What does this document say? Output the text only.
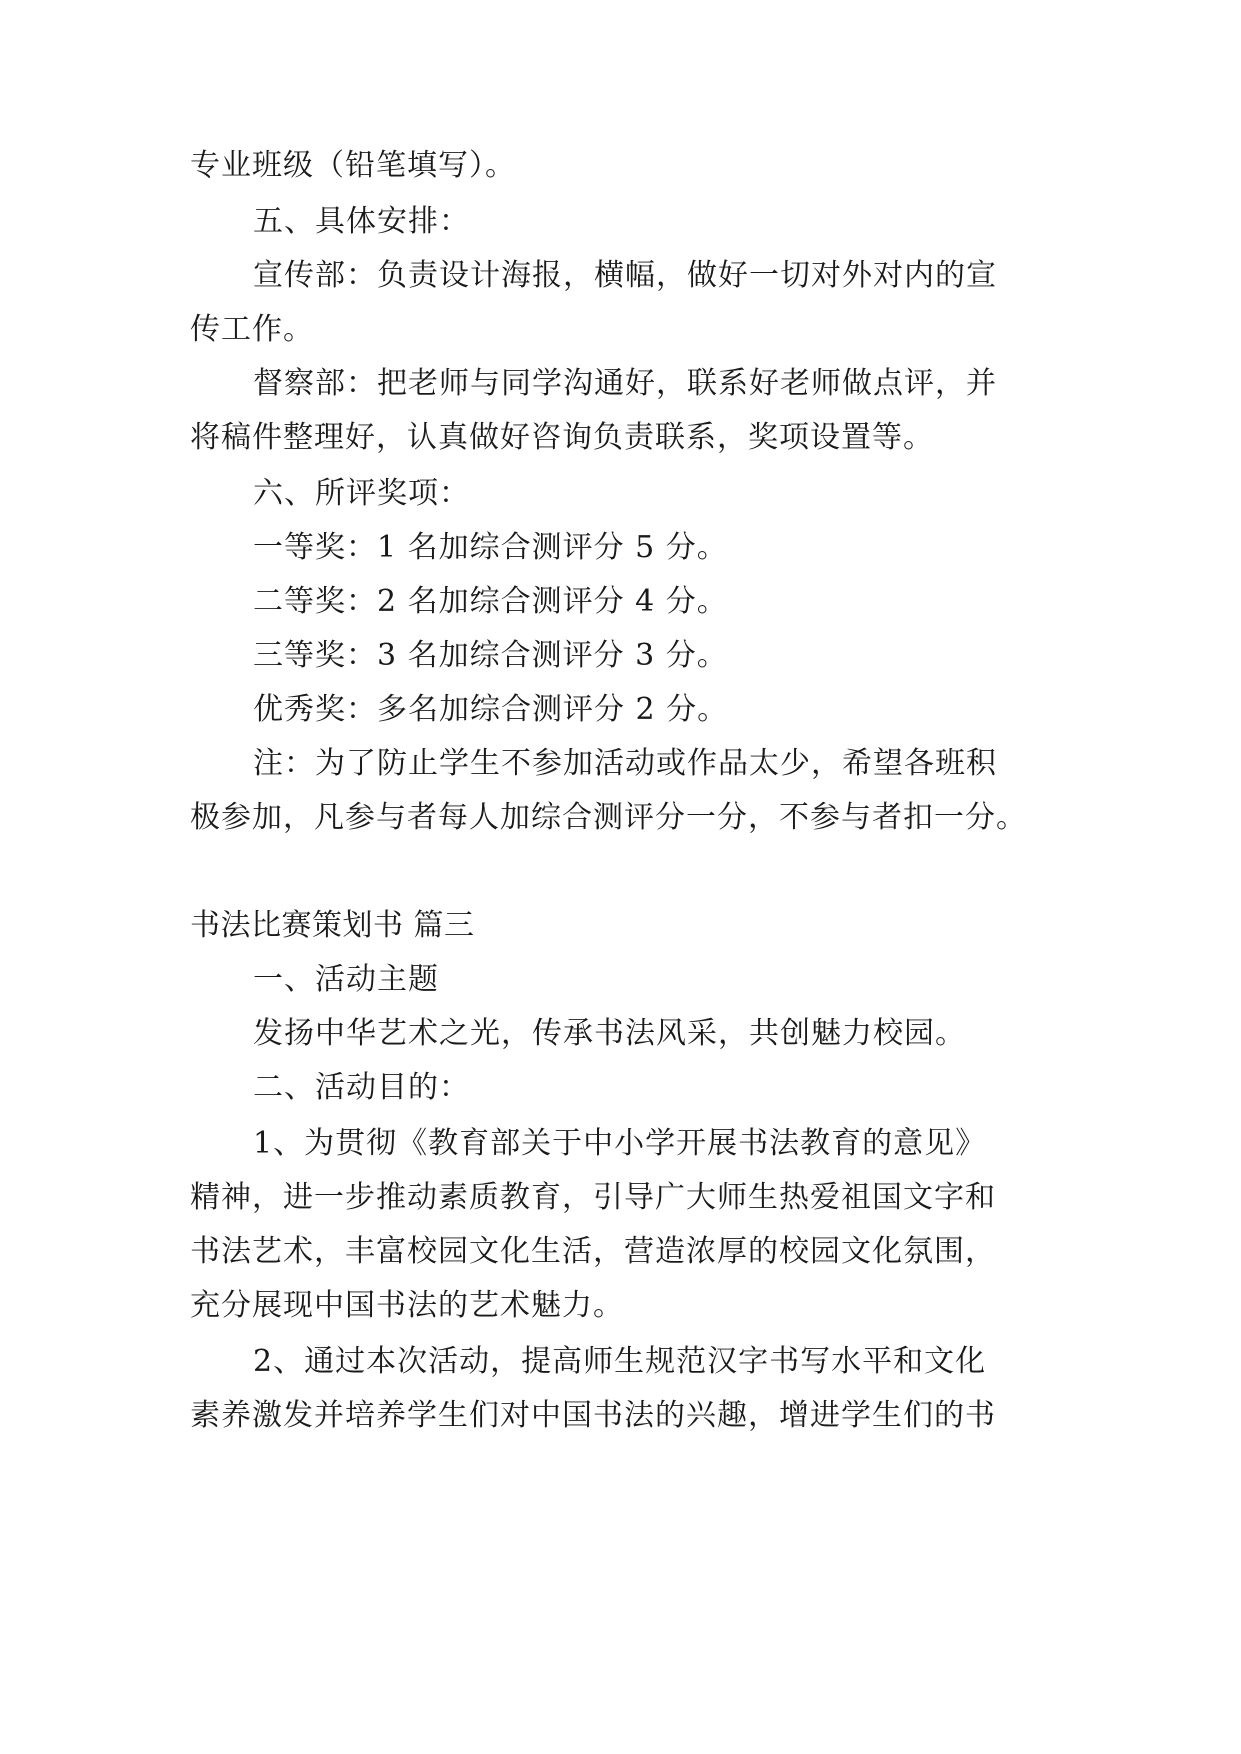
专业班级（铅笔填写）。
五、具体安排：
宣传部：负责设计海报，横幅，做好一切对外对内的宣
传工作。
督察部：把老师与同学沟通好，联系好老师做点评，并
将稿件整理好，认真做好咨询负责联系，奖项设置等。
六、所评奖项：
一等奖：1 名加综合测评分 5 分。
二等奖：2 名加综合测评分 4 分。
三等奖：3 名加综合测评分 3 分。
优秀奖：多名加综合测评分 2 分。
注：为了防止学生不参加活动或作品太少，希望各班积
极参加，凡参与者每人加综合测评分一分，不参与者扣一分。
书法比赛策划书 篇三
一、活动主题
发扬中华艺术之光，传承书法风采，共创魅力校园。
二、活动目的：
1、为贯彻《教育部关于中小学开展书法教育的意见》
精神，进一步推动素质教育，引导广大师生热爱祖国文字和
书法艺术，丰富校园文化生活，营造浓厚的校园文化氛围，
充分展现中国书法的艺术魅力。
2、通过本次活动，提高师生规范汉字书写水平和文化
素养激发并培养学生们对中国书法的兴趣，增进学生们的书
